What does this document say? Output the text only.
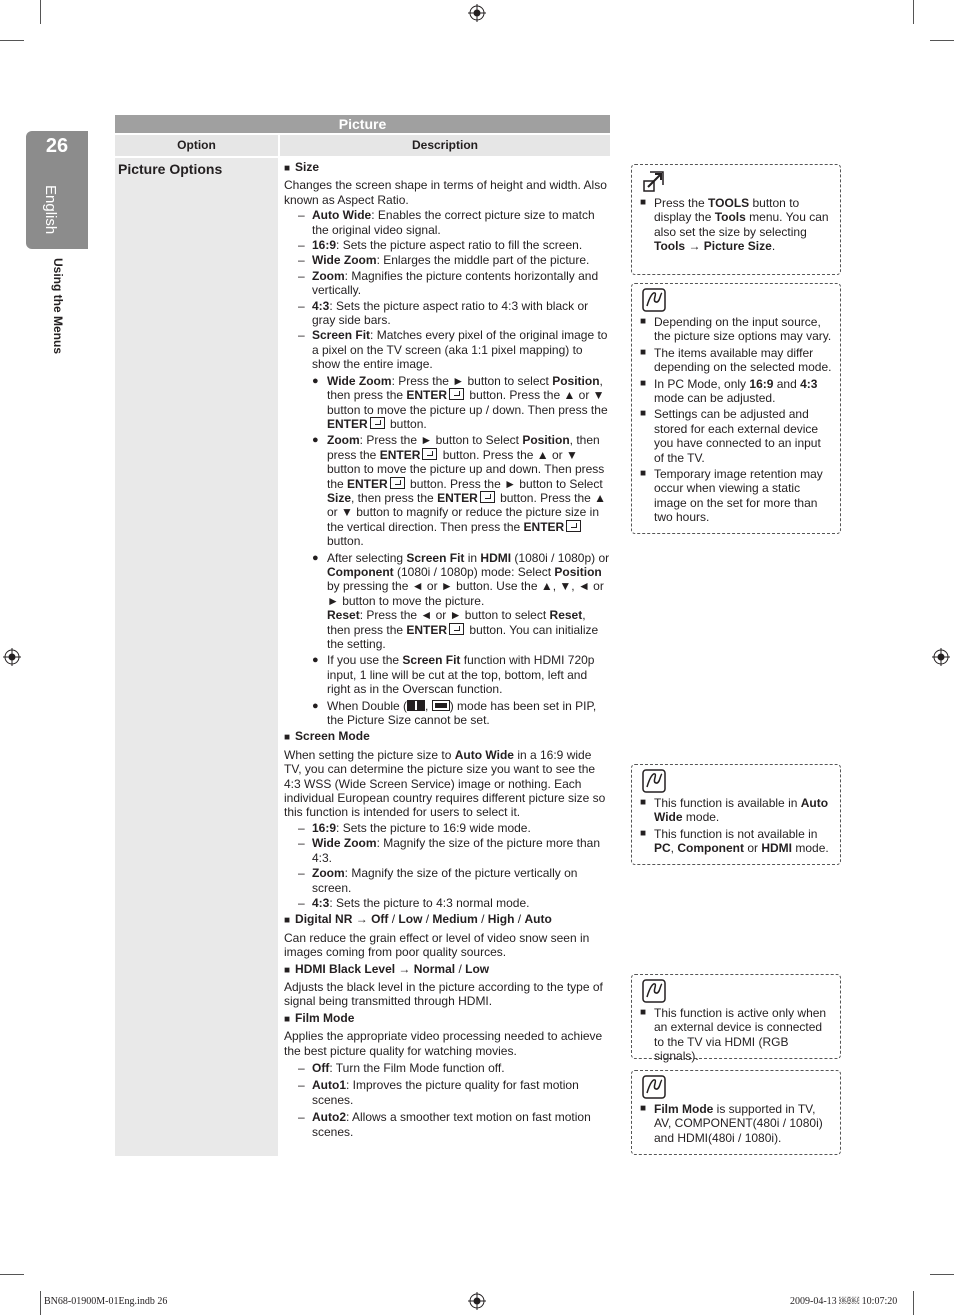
26
English
Using the Menus
Picture
Option	Description
Picture Options	■ Size

Changes the screen shape in terms of height and width. Also known as Aspect Ratio.

– Auto Wide: Enables the correct picture size to match the original video signal.
– 16:9: Sets the picture aspect ratio to fill the screen.
– Wide Zoom: Enlarges the middle part of the picture.
– Zoom: Magnifies the picture contents horizontally and vertically.
– 4:3: Sets the picture aspect ratio to 4:3 with black or gray side bars.
– Screen Fit: Matches every pixel of the original image to a pixel on the TV screen (aka 1:1 pixel mapping) to show the entire image.
● Wide Zoom: Press the ► button to select Position, then press the ENTER button. Press the ▲ or ▼ button to move the picture up / down. Then press the ENTER button.
● Zoom: Press the ► button to Select Position, then press the ENTER button. Press the ▲ or ▼ button to move the picture up and down. Then press the ENTER button. Press the ► button to Select Size, then press the ENTER button. Press the ▲ or ▼ button to magnify or reduce the picture size in the vertical direction. Then press the ENTER button.
● After selecting Screen Fit in HDMI (1080i / 1080p) or Component (1080i / 1080p) mode: Select Position by pressing the ◄ or ► button. Use the ▲, ▼, ◄ or ► button to move the picture.
Reset: Press the ◄ or ► button to select Reset, then press the ENTER button. You can initialize the setting.
● If you use the Screen Fit function with HDMI 720p input, 1 line will be cut at the top, bottom, left and right as in the Overscan function.
● When Double ( , ) mode has been set in PIP, the Picture Size cannot be set.

■ Screen Mode

When setting the picture size to Auto Wide in a 16:9 wide TV, you can determine the picture size you want to see the 4:3 WSS (Wide Screen Service) image or nothing. Each individual European country requires different picture size so this function is intended for users to select it.

– 16:9: Sets the picture to 16:9 wide mode.
– Wide Zoom: Magnify the size of the picture more than 4:3.
– Zoom: Magnify the size of the picture vertically on screen.
– 4:3: Sets the picture to 4:3 normal mode.

■ Digital NR → Off / Low / Medium / High / Auto

Can reduce the grain effect or level of video snow seen in images coming from poor quality sources.

■ HDMI Black Level → Normal / Low

Adjusts the black level in the picture according to the type of signal being transmitted through HDMI.

■ Film Mode

Applies the appropriate video processing needed to achieve the best picture quality for watching movies.

– Off: Turn the Film Mode function off.
– Auto1: Improves the picture quality for fast motion scenes.
– Auto2: Allows a smoother text motion on fast motion scenes.
■ Press the TOOLS button to display the Tools menu. You can also set the size by selecting Tools → Picture Size.
■ Depending on the input source, the picture size options may vary.
■ The items available may differ depending on the selected mode.
■ In PC Mode, only 16:9 and 4:3 mode can be adjusted.
■ Settings can be adjusted and stored for each external device you have connected to an input of the TV.
■ Temporary image retention may occur when viewing a static image on the set for more than two hours.
■ This function is available in Auto Wide mode.
■ This function is not available in PC, Component or HDMI mode.
■ This function is active only when an external device is connected to the TV via HDMI (RGB signals).
■ Film Mode is supported in TV, AV, COMPONENT(480i / 1080i) and HDMI(480i / 1080i).
BN68-01900M-01Eng.indb 26	2009-04-13 ￼￼ 10:07:20
